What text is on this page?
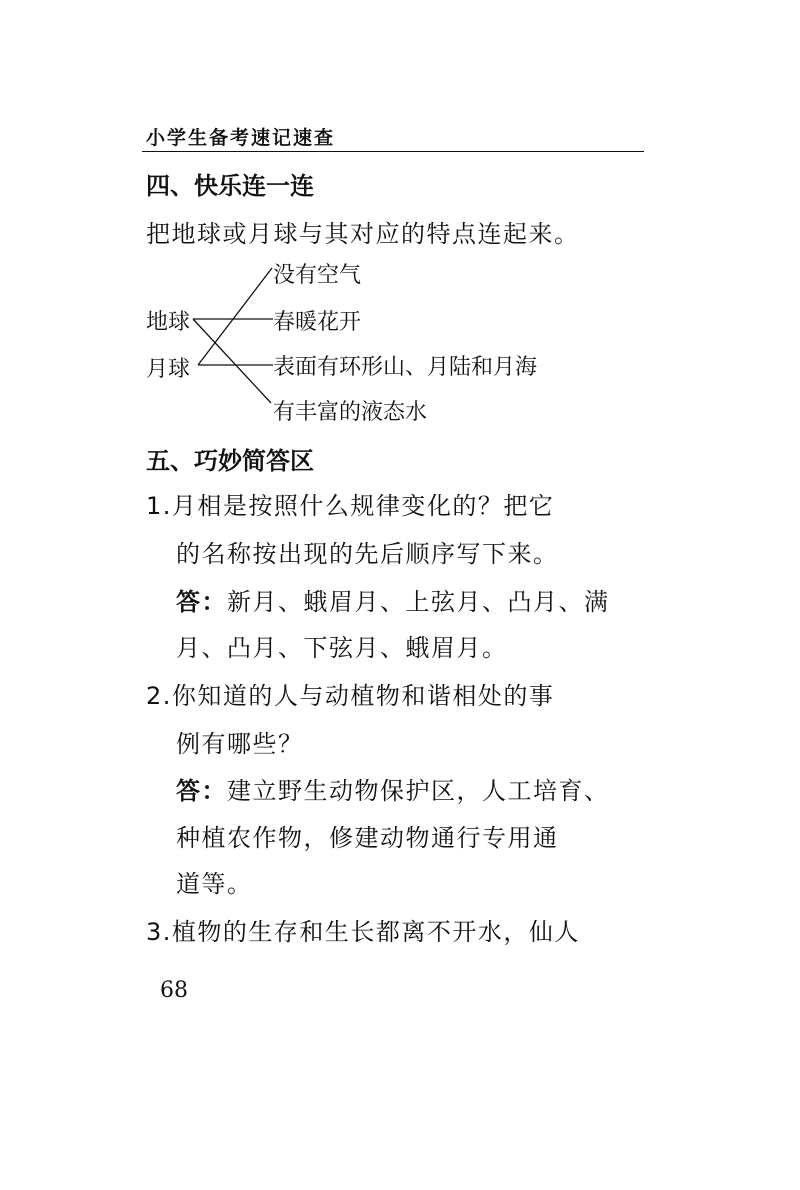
小学生备考速记速查
四、快乐连一连
把地球或月球与其对应的特点连起来。
地球
月球
没有空气
春暖花开
表面有环形山、月陆和月海
有丰富的液态水
五、巧妙简答区
1.月相是按照什么规律变化的？把它
的名称按出现的先后顺序写下来。
答：新月、蛾眉月、上弦月、凸月、满
月、凸月、下弦月、蛾眉月。
2.你知道的人与动植物和谐相处的事
例有哪些？
答：建立野生动物保护区，人工培育、
种植农作物，修建动物通行专用通
道等。
3.植物的生存和生长都离不开水，仙人
68
